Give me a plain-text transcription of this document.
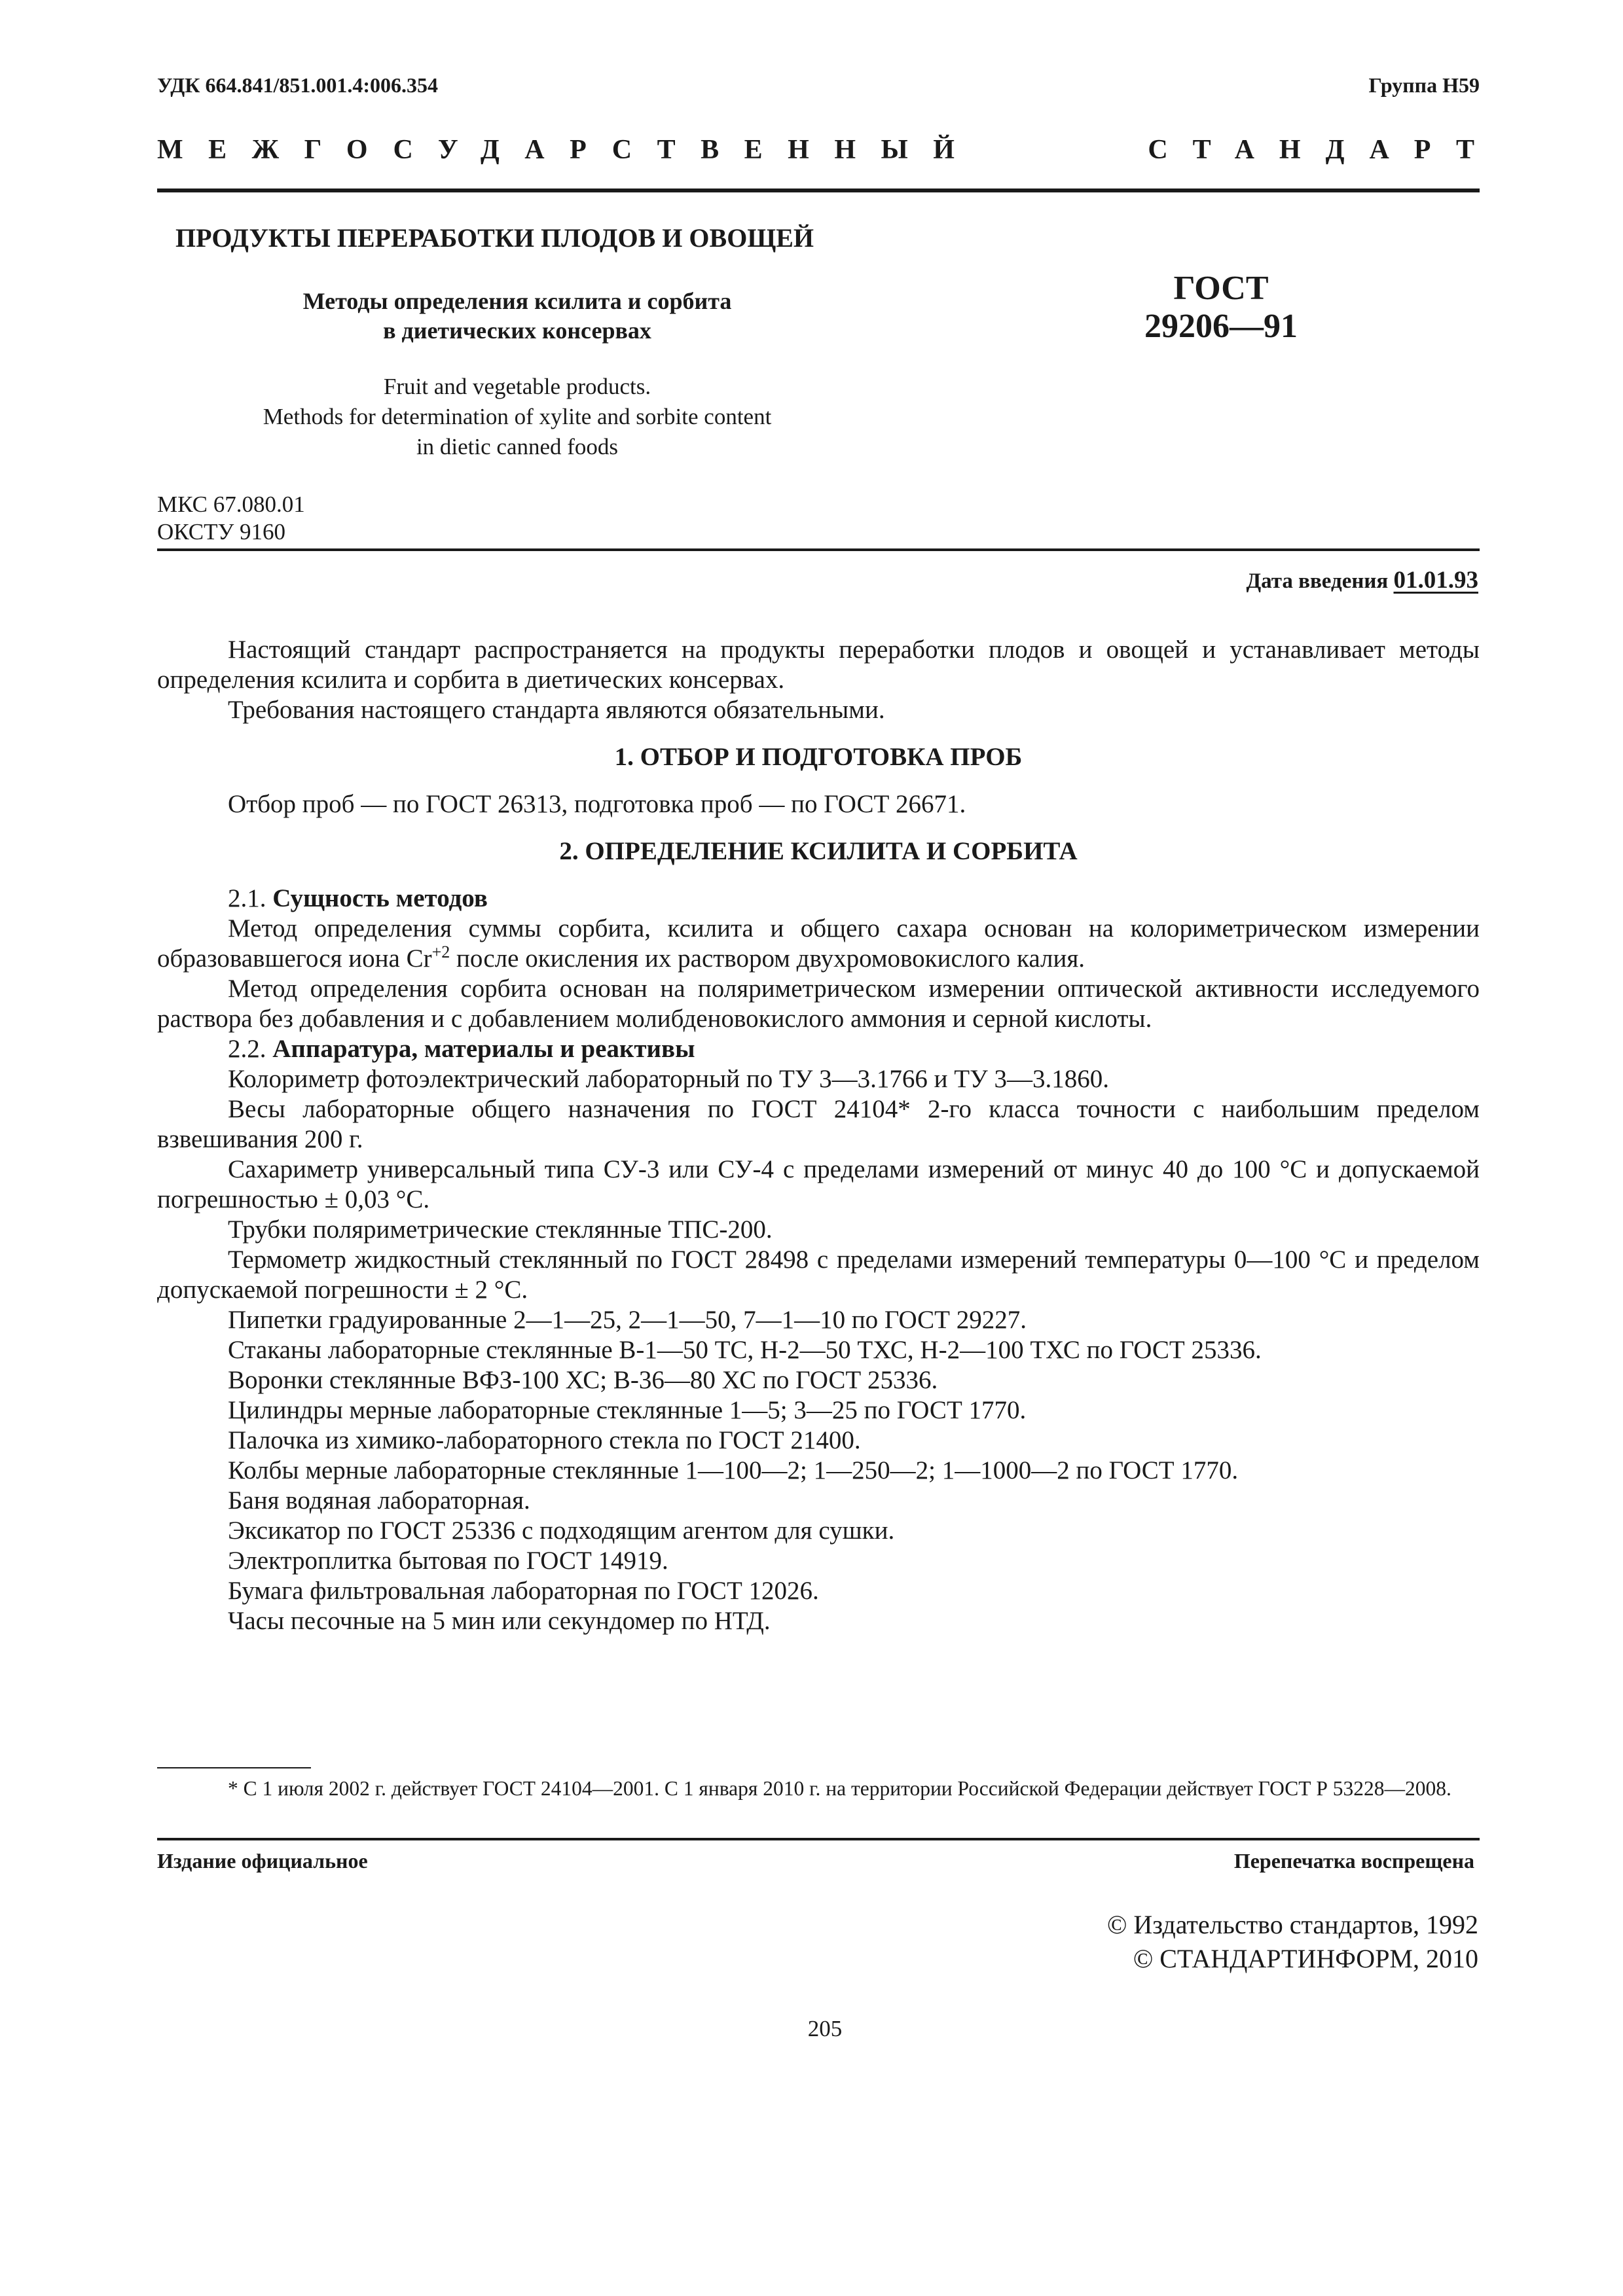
УДК 664.841/851.001.4:006.354	Группа Н59
МЕЖГОСУДАРСТВЕННЫЙ	СТАНДАРТ
ПРОДУКТЫ ПЕРЕРАБОТКИ ПЛОДОВ И ОВОЩЕЙ
Методы определения ксилита и сорбита
в диетических консервах
ГОСТ
29206—91
Fruit and vegetable products.
Methods for determination of xylite and sorbite content
in dietic canned foods
МКС 67.080.01
ОКСТУ 9160
Дата введения 01.01.93

Настоящий стандарт распространяется на продукты переработки плодов и овощей и устанавливает методы определения ксилита и сорбита в диетических консервах.

Требования настоящего стандарта являются обязательными.

1. ОТБОР И ПОДГОТОВКА ПРОБ

Отбор проб — по ГОСТ 26313, подготовка проб — по ГОСТ 26671.

2. ОПРЕДЕЛЕНИЕ КСИЛИТА И СОРБИТА

2.1. Сущность методов

Метод определения суммы сорбита, ксилита и общего сахара основан на колориметрическом измерении образовавшегося иона $Cr^{+2}$ после окисления их раствором двухромовокислого калия.

Метод определения сорбита основан на поляриметрическом измерении оптической активности исследуемого раствора без добавления и с добавлением молибденовокислого аммония и серной кислоты.

2.2. Аппаратура, материалы и реактивы

Колориметр фотоэлектрический лабораторный по ТУ 3—3.1766 и ТУ 3—3.1860.

Весы лабораторные общего назначения по ГОСТ 24104* 2-го класса точности с наибольшим пределом взвешивания 200 г.

Сахариметр универсальный типа СУ-3 или СУ-4 с пределами измерений от минус 40 до 100 °С и допускаемой погрешностью ± 0,03 °С.

Трубки поляриметрические стеклянные ТПС-200.

Термометр жидкостный стеклянный по ГОСТ 28498 с пределами измерений температуры 0—100 °С и пределом допускаемой погрешности ± 2 °С.

Пипетки градуированные 2—1—25, 2—1—50, 7—1—10 по ГОСТ 29227.

Стаканы лабораторные стеклянные В-1—50 ТС, Н-2—50 ТХС, Н-2—100 ТХС по ГОСТ 25336.

Воронки стеклянные ВФЗ-100 ХС; В-36—80 ХС по ГОСТ 25336.

Цилиндры мерные лабораторные стеклянные 1—5; 3—25 по ГОСТ 1770.

Палочка из химико-лабораторного стекла по ГОСТ 21400.

Колбы мерные лабораторные стеклянные 1—100—2; 1—250—2; 1—1000—2 по ГОСТ 1770.

Баня водяная лабораторная.

Эксикатор по ГОСТ 25336 с подходящим агентом для сушки.

Электроплитка бытовая по ГОСТ 14919.

Бумага фильтровальная лабораторная по ГОСТ 12026.

Часы песочные на 5 мин или секундомер по НТД.

* С 1 июля 2002 г. действует ГОСТ 24104—2001. С 1 января 2010 г. на территории Российской Федерации действует ГОСТ Р 53228—2008.

Издание официальное	Перепечатка воспрещена
© Издательство стандартов, 1992
© СТАНДАРТИНФОРМ, 2010
205
